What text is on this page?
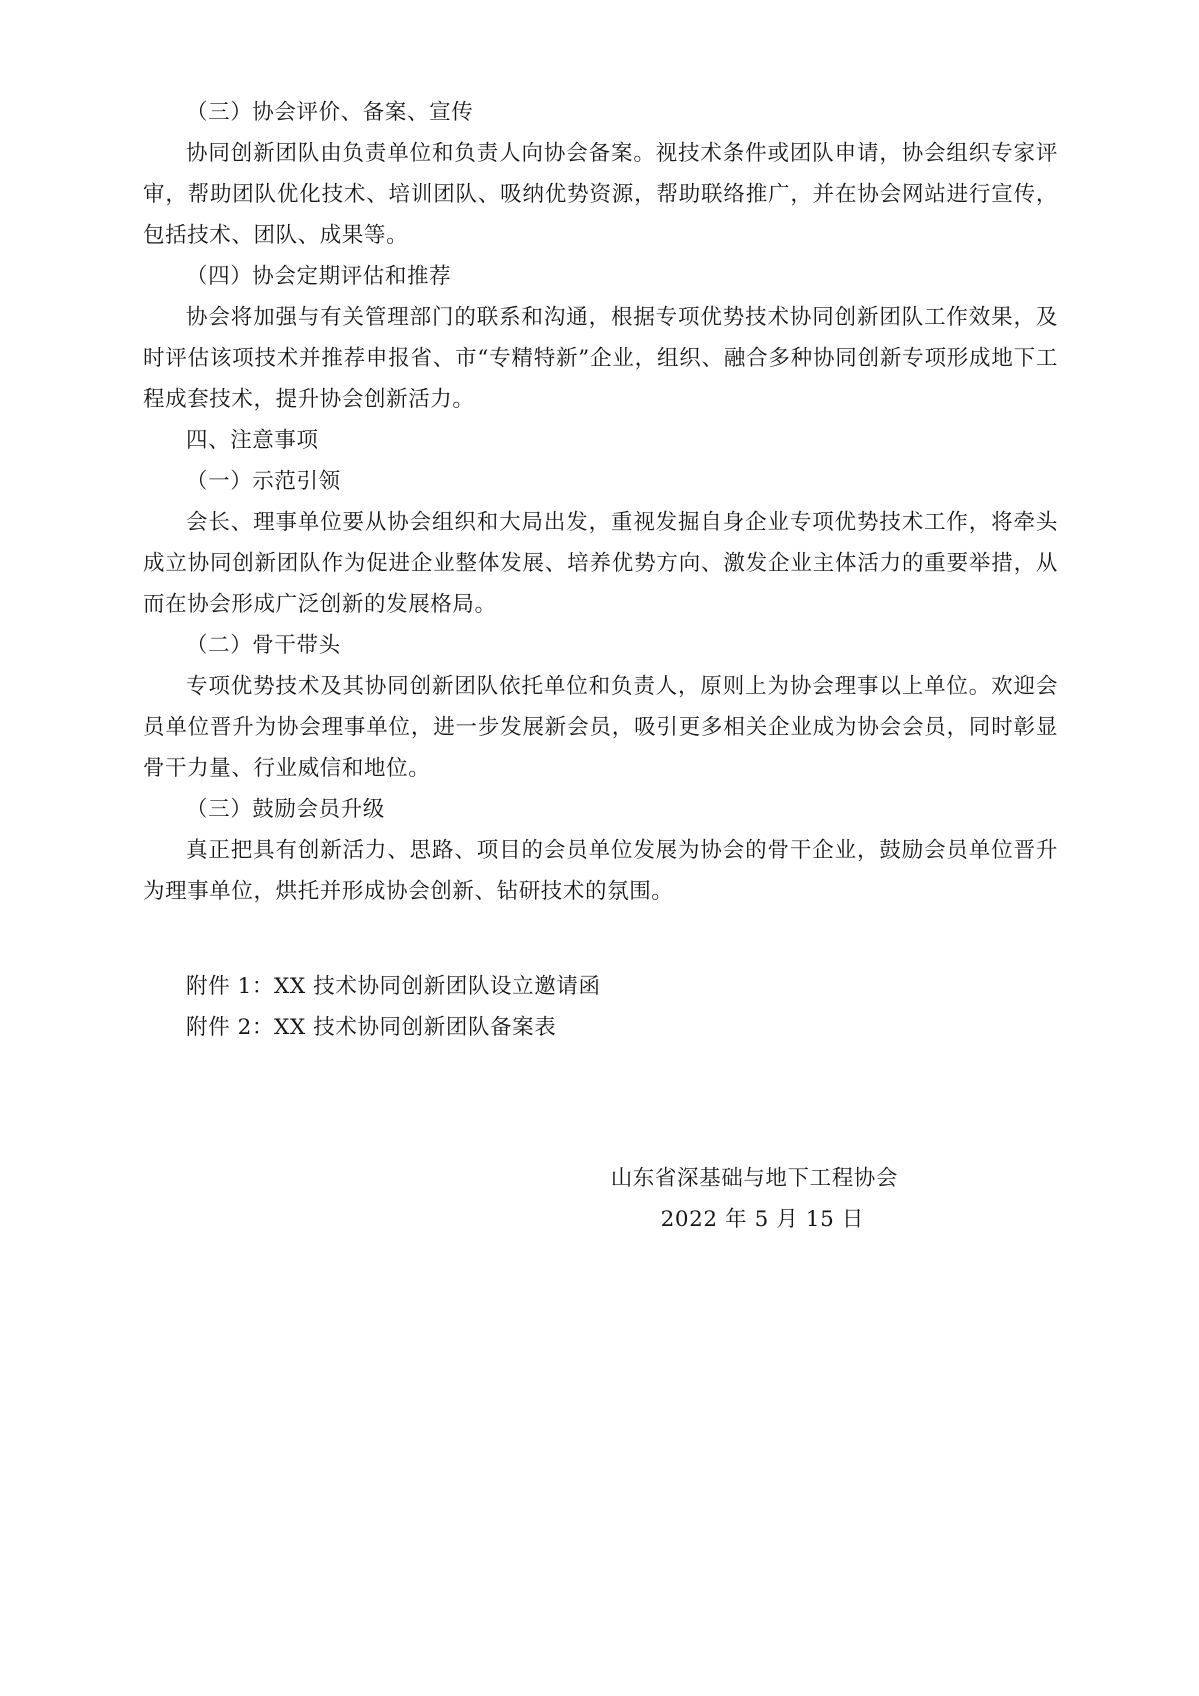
（三）协会评价、备案、宣传

协同创新团队由负责单位和负责人向协会备案。视技术条件或团队申请，协会组织专家评审，帮助团队优化技术、培训团队、吸纳优势资源，帮助联络推广，并在协会网站进行宣传，包括技术、团队、成果等。

（四）协会定期评估和推荐

协会将加强与有关管理部门的联系和沟通，根据专项优势技术协同创新团队工作效果，及时评估该项技术并推荐申报省、市“专精特新”企业，组织、融合多种协同创新专项形成地下工程成套技术，提升协会创新活力。

四、注意事项

（一）示范引领

会长、理事单位要从协会组织和大局出发，重视发掘自身企业专项优势技术工作，将牵头成立协同创新团队作为促进企业整体发展、培养优势方向、激发企业主体活力的重要举措，从而在协会形成广泛创新的发展格局。

（二）骨干带头

专项优势技术及其协同创新团队依托单位和负责人，原则上为协会理事以上单位。欢迎会员单位晋升为协会理事单位，进一步发展新会员，吸引更多相关企业成为协会会员，同时彰显骨干力量、行业威信和地位。

（三）鼓励会员升级

真正把具有创新活力、思路、项目的会员单位发展为协会的骨干企业，鼓励会员单位晋升为理事单位，烘托并形成协会创新、钻研技术的氛围。

附件 1：XX 技术协同创新团队设立邀请函
附件 2：XX 技术协同创新团队备案表
山东省深基础与地下工程协会
2022 年 5 月 15 日
